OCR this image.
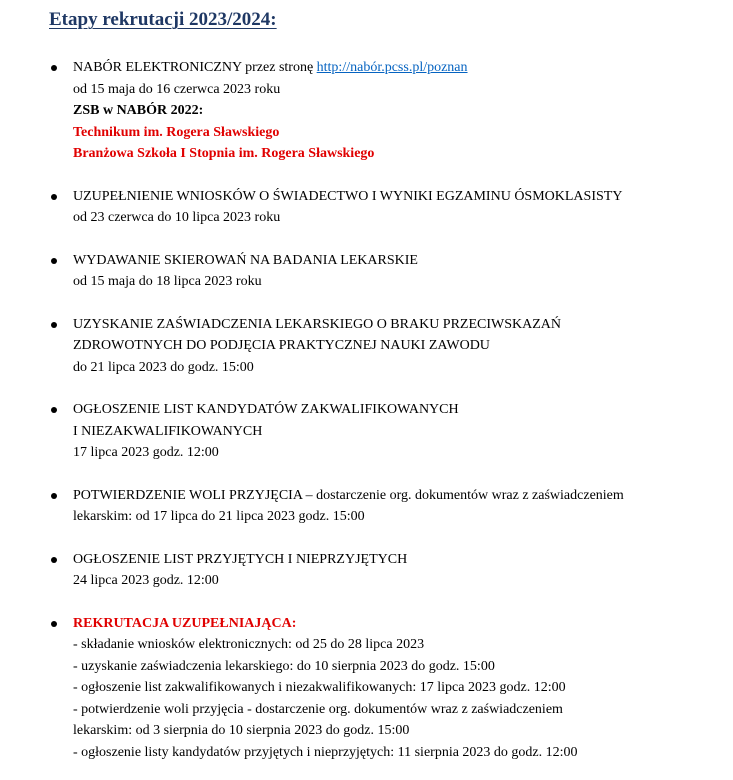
Etapy rekrutacji 2023/2024:
NABÓR ELEKTRONICZNY przez stronę http://nabór.pcss.pl/poznan
od 15 maja do 16 czerwca 2023 roku
ZSB w NABÓR 2022:
Technikum im. Rogera Sławskiego
Branżowa Szkoła I Stopnia im. Rogera Sławskiego
UZUPEŁNIENIE WNIOSKÓW O ŚWIADECTWO I WYNIKI EGZAMINU ÓSMOKLASISTY
od 23 czerwca do 10 lipca 2023 roku
WYDAWANIE SKIEROWAŃ NA BADANIA LEKARSKIE
od 15 maja do 18 lipca 2023 roku
UZYSKANIE ZAŚWIADCZENIA LEKARSKIEGO O BRAKU PRZECIWSKAZAŃ
ZDROWOTNYCH DO PODJĘCIA PRAKTYCZNEJ NAUKI ZAWODU
do 21 lipca 2023 do godz. 15:00
OGŁOSZENIE LIST KANDYDATÓW ZAKWALIFIKOWANYCH
I NIEZAKWALIFIKOWANYCH
17 lipca 2023 godz. 12:00
POTWIERDZENIE WOLI PRZYJĘCIA – dostarczenie org. dokumentów wraz z zaświadczeniem
lekarskim: od 17 lipca do 21 lipca 2023 godz. 15:00
OGŁOSZENIE LIST PRZYJĘTYCH I NIEPRZYJĘTYCH
24 lipca 2023 godz. 12:00
REKRUTACJA UZUPEŁNIAJĄCA:
- składanie wniosków elektronicznych: od 25 do 28 lipca 2023
- uzyskanie zaświadczenia lekarskiego: do 10 sierpnia 2023 do godz. 15:00
- ogłoszenie list zakwalifikowanych i niezakwalifikowanych: 17 lipca 2023 godz. 12:00
- potwierdzenie woli przyjęcia - dostarczenie org. dokumentów wraz z zaświadczeniem
lekarskim: od 3 sierpnia do 10 sierpnia 2023 do godz. 15:00
- ogłoszenie listy kandydatów przyjętych i nieprzyjętych: 11 sierpnia 2023 do godz. 12:00
